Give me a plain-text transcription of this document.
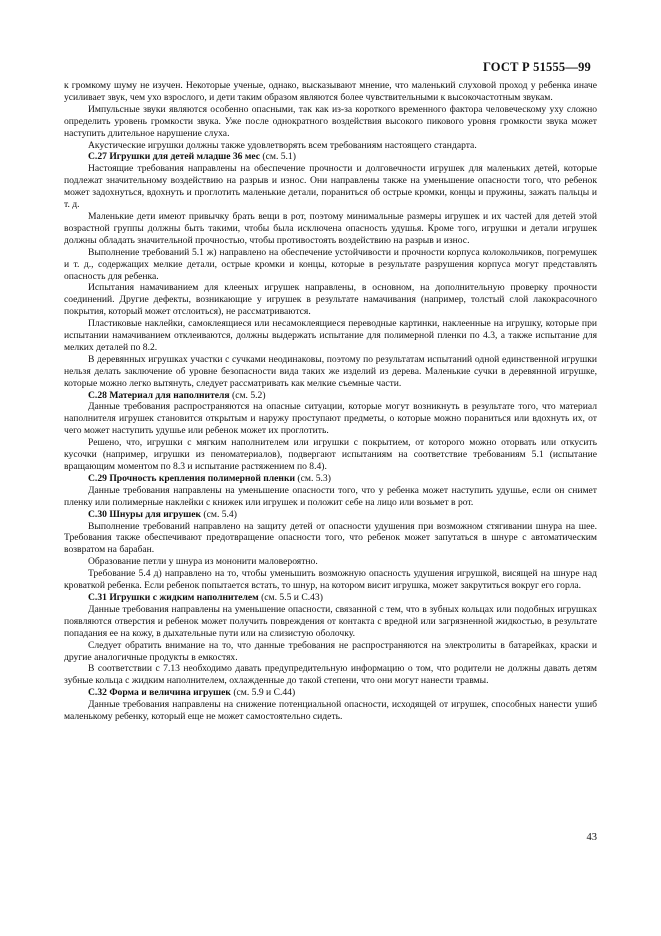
ГОСТ Р 51555—99

к громкому шуму не изучен. Некоторые ученые, однако, высказывают мнение, что маленький слуховой проход у ребенка иначе усиливает звук, чем ухо взрослого, и дети таким образом являются более чувствительными к высокочастотным звукам.

Импульсные звуки являются особенно опасными, так как из-за короткого временного фактора человеческому уху сложно определить уровень громкости звука. Уже после однократного воздействия высокого пикового уровня громкости звука может наступить длительное нарушение слуха.

Акустические игрушки должны также удовлетворять всем требованиям настоящего стандарта.

С.27 Игрушки для детей младше 36 мес (см. 5.1)

Настоящие требования направлены на обеспечение прочности и долговечности игрушек для маленьких детей, которые подлежат значительному воздействию на разрыв и износ. Они направлены также на уменьшение опасности того, что ребенок может задохнуться, вдохнуть и проглотить маленькие детали, пораниться об острые кромки, концы и пружины, зажать пальцы и т. д.

Маленькие дети имеют привычку брать вещи в рот, поэтому минимальные размеры игрушек и их частей для детей этой возрастной группы должны быть такими, чтобы была исключена опасность удушья. Кроме того, игрушки и детали игрушек должны обладать значительной прочностью, чтобы противостоять воздействию на разрыв и износ.

Выполнение требований 5.1 ж) направлено на обеспечение устойчивости и прочности корпуса колокольчиков, погремушек и т. д., содержащих мелкие детали, острые кромки и концы, которые в результате разрушения корпуса могут представлять опасность для ребенка.

Испытания намачиванием для клееных игрушек направлены, в основном, на дополнительную проверку прочности соединений. Другие дефекты, возникающие у игрушек в результате намачивания (например, толстый слой лакокрасочного покрытия, который может отслоиться), не рассматриваются.

Пластиковые наклейки, самоклеящиеся или несамоклеящиеся переводные картинки, наклеенные на игрушку, которые при испытании намачиванием отклеиваются, должны выдержать испытание для полимерной пленки по 4.3, а также испытание для мелких деталей по 8.2.

В деревянных игрушках участки с сучками неодинаковы, поэтому по результатам испытаний одной единственной игрушки нельзя делать заключение об уровне безопасности вида таких же изделий из дерева. Маленькие сучки в деревянной игрушке, которые можно легко вытянуть, следует рассматривать как мелкие съемные части.

С.28 Материал для наполнителя (см. 5.2)

Данные требования распространяются на опасные ситуации, которые могут возникнуть в результате того, что материал наполнителя игрушек становится открытым и наружу проступают предметы, о которые можно пораниться или вдохнуть их, от чего может наступить удушье или ребенок может их проглотить.

Решено, что, игрушки с мягким наполнителем или игрушки с покрытием, от которого можно оторвать или откусить кусочки (например, игрушки из пеноматериалов), подвергают испытаниям на соответствие требованиям 5.1 (испытание вращающим моментом по 8.3 и испытание растяжением по 8.4).

С.29 Прочность крепления полимерной пленки (см. 5.3)

Данные требования направлены на уменьшение опасности того, что у ребенка может наступить удушье, если он снимет пленку или полимерные наклейки с книжек или игрушек и положит себе на лицо или возьмет в рот.

С.30 Шнуры для игрушек (см. 5.4)

Выполнение требований направлено на защиту детей от опасности удушения при возможном стягивании шнура на шее. Требования также обеспечивают предотвращение опасности того, что ребенок может запутаться в шнуре с автоматическим возвратом на барабан.

Образование петли у шнура из мононити маловероятно.

Требование 5.4 д) направлено на то, чтобы уменьшить возможную опасность удушения игрушкой, висящей на шнуре над кроваткой ребенка. Если ребенок попытается встать, то шнур, на котором висит игрушка, может закрутиться вокруг его горла.

С.31 Игрушки с жидким наполнителем (см. 5.5 и С.43)

Данные требования направлены на уменьшение опасности, связанной с тем, что в зубных кольцах или подобных игрушках появляются отверстия и ребенок может получить повреждения от контакта с вредной или загрязненной жидкостью, в результате попадания ее на кожу, в дыхательные пути или на слизистую оболочку.

Следует обратить внимание на то, что данные требования не распространяются на электролиты в батарейках, краски и другие аналогичные продукты в емкостях.

В соответствии с 7.13 необходимо давать предупредительную информацию о том, что родители не должны давать детям зубные кольца с жидким наполнителем, охлажденные до такой степени, что они могут нанести травмы.

С.32 Форма и величина игрушек (см. 5.9 и С.44)

Данные требования направлены на снижение потенциальной опасности, исходящей от игрушек, способных нанести ушиб маленькому ребенку, который еще не может самостоятельно сидеть.

43
